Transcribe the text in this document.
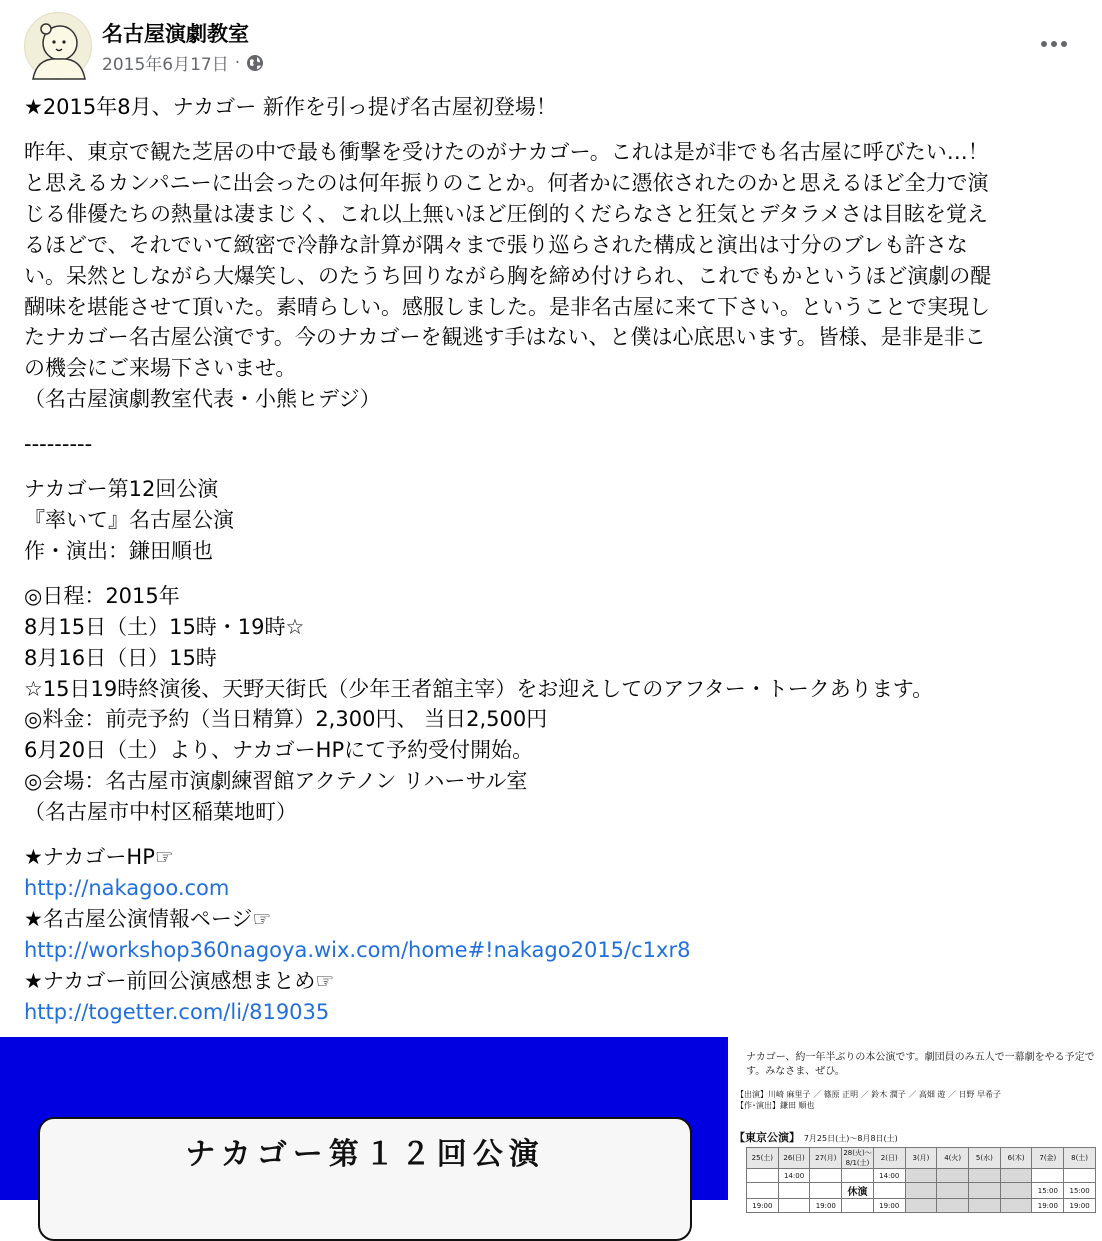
名古屋演劇教室
2015年6月17日 ·

★2015年8月、ナカゴー 新作を引っ提げ名古屋初登場！

昨年、東京で観た芝居の中で最も衝撃を受けたのがナカゴー。これは是が非でも名古屋に呼びたい…！
と思えるカンパニーに出会ったのは何年振りのことか。何者かに憑依されたのかと思えるほど全力で演
じる俳優たちの熱量は凄まじく、これ以上無いほど圧倒的くだらなさと狂気とデタラメさは目眩を覚え
るほどで、それでいて緻密で冷静な計算が隅々まで張り巡らされた構成と演出は寸分のブレも許さな
い。呆然としながら大爆笑し、のたうち回りながら胸を締め付けられ、これでもかというほど演劇の醍
醐味を堪能させて頂いた。素晴らしい。感服しました。是非名古屋に来て下さい。ということで実現し
たナカゴー名古屋公演です。今のナカゴーを観逃す手はない、と僕は心底思います。皆様、是非是非こ
の機会にご来場下さいませ。
（名古屋演劇教室代表・小熊ヒデジ）
---------
ナカゴー第12回公演
『率いて』名古屋公演
作・演出：鎌田順也
◎日程：2015年
8月15日（土）15時・19時☆
8月16日（日）15時
☆15日19時終演後、天野天街氏（少年王者舘主宰）をお迎えしてのアフター・トークあります。
◎料金：前売予約（当日精算）2,300円、 当日2,500円
6月20日（土）より、ナカゴーHPにて予約受付開始。
◎会場：名古屋市演劇練習館アクテノン リハーサル室
（名古屋市中村区稲葉地町）
★ナカゴーHP☞
http://nakagoo.com
★名古屋公演情報ページ☞
http://workshop360nagoya.wix.com/home#!nakago2015/c1xr8
★ナカゴー前回公演感想まとめ☞
http://togetter.com/li/819035
ナカゴー第１２回公演
ナカゴー、約一年半ぶりの本公演です。劇団員のみ五人で一幕劇をやる予定です。みなさま、ぜひ。
【出演】川崎 麻里子 ／ 篠原 正明 ／ 鈴木 潤子 ／ 高畑 遊 ／ 日野 早希子
【作･演出】鎌田 順也
【東京公演】 7月25日(土)～8月8日(土)
25(土)	26(日)	27(月)	28(火)～8/1(土)	2(日)	3(月)	4(火)	5(水)	6(木)	7(金)	8(土)
	14:00			14:00						
			休演						15:00	15:00
19:00		19:00		19:00					19:00	19:00
